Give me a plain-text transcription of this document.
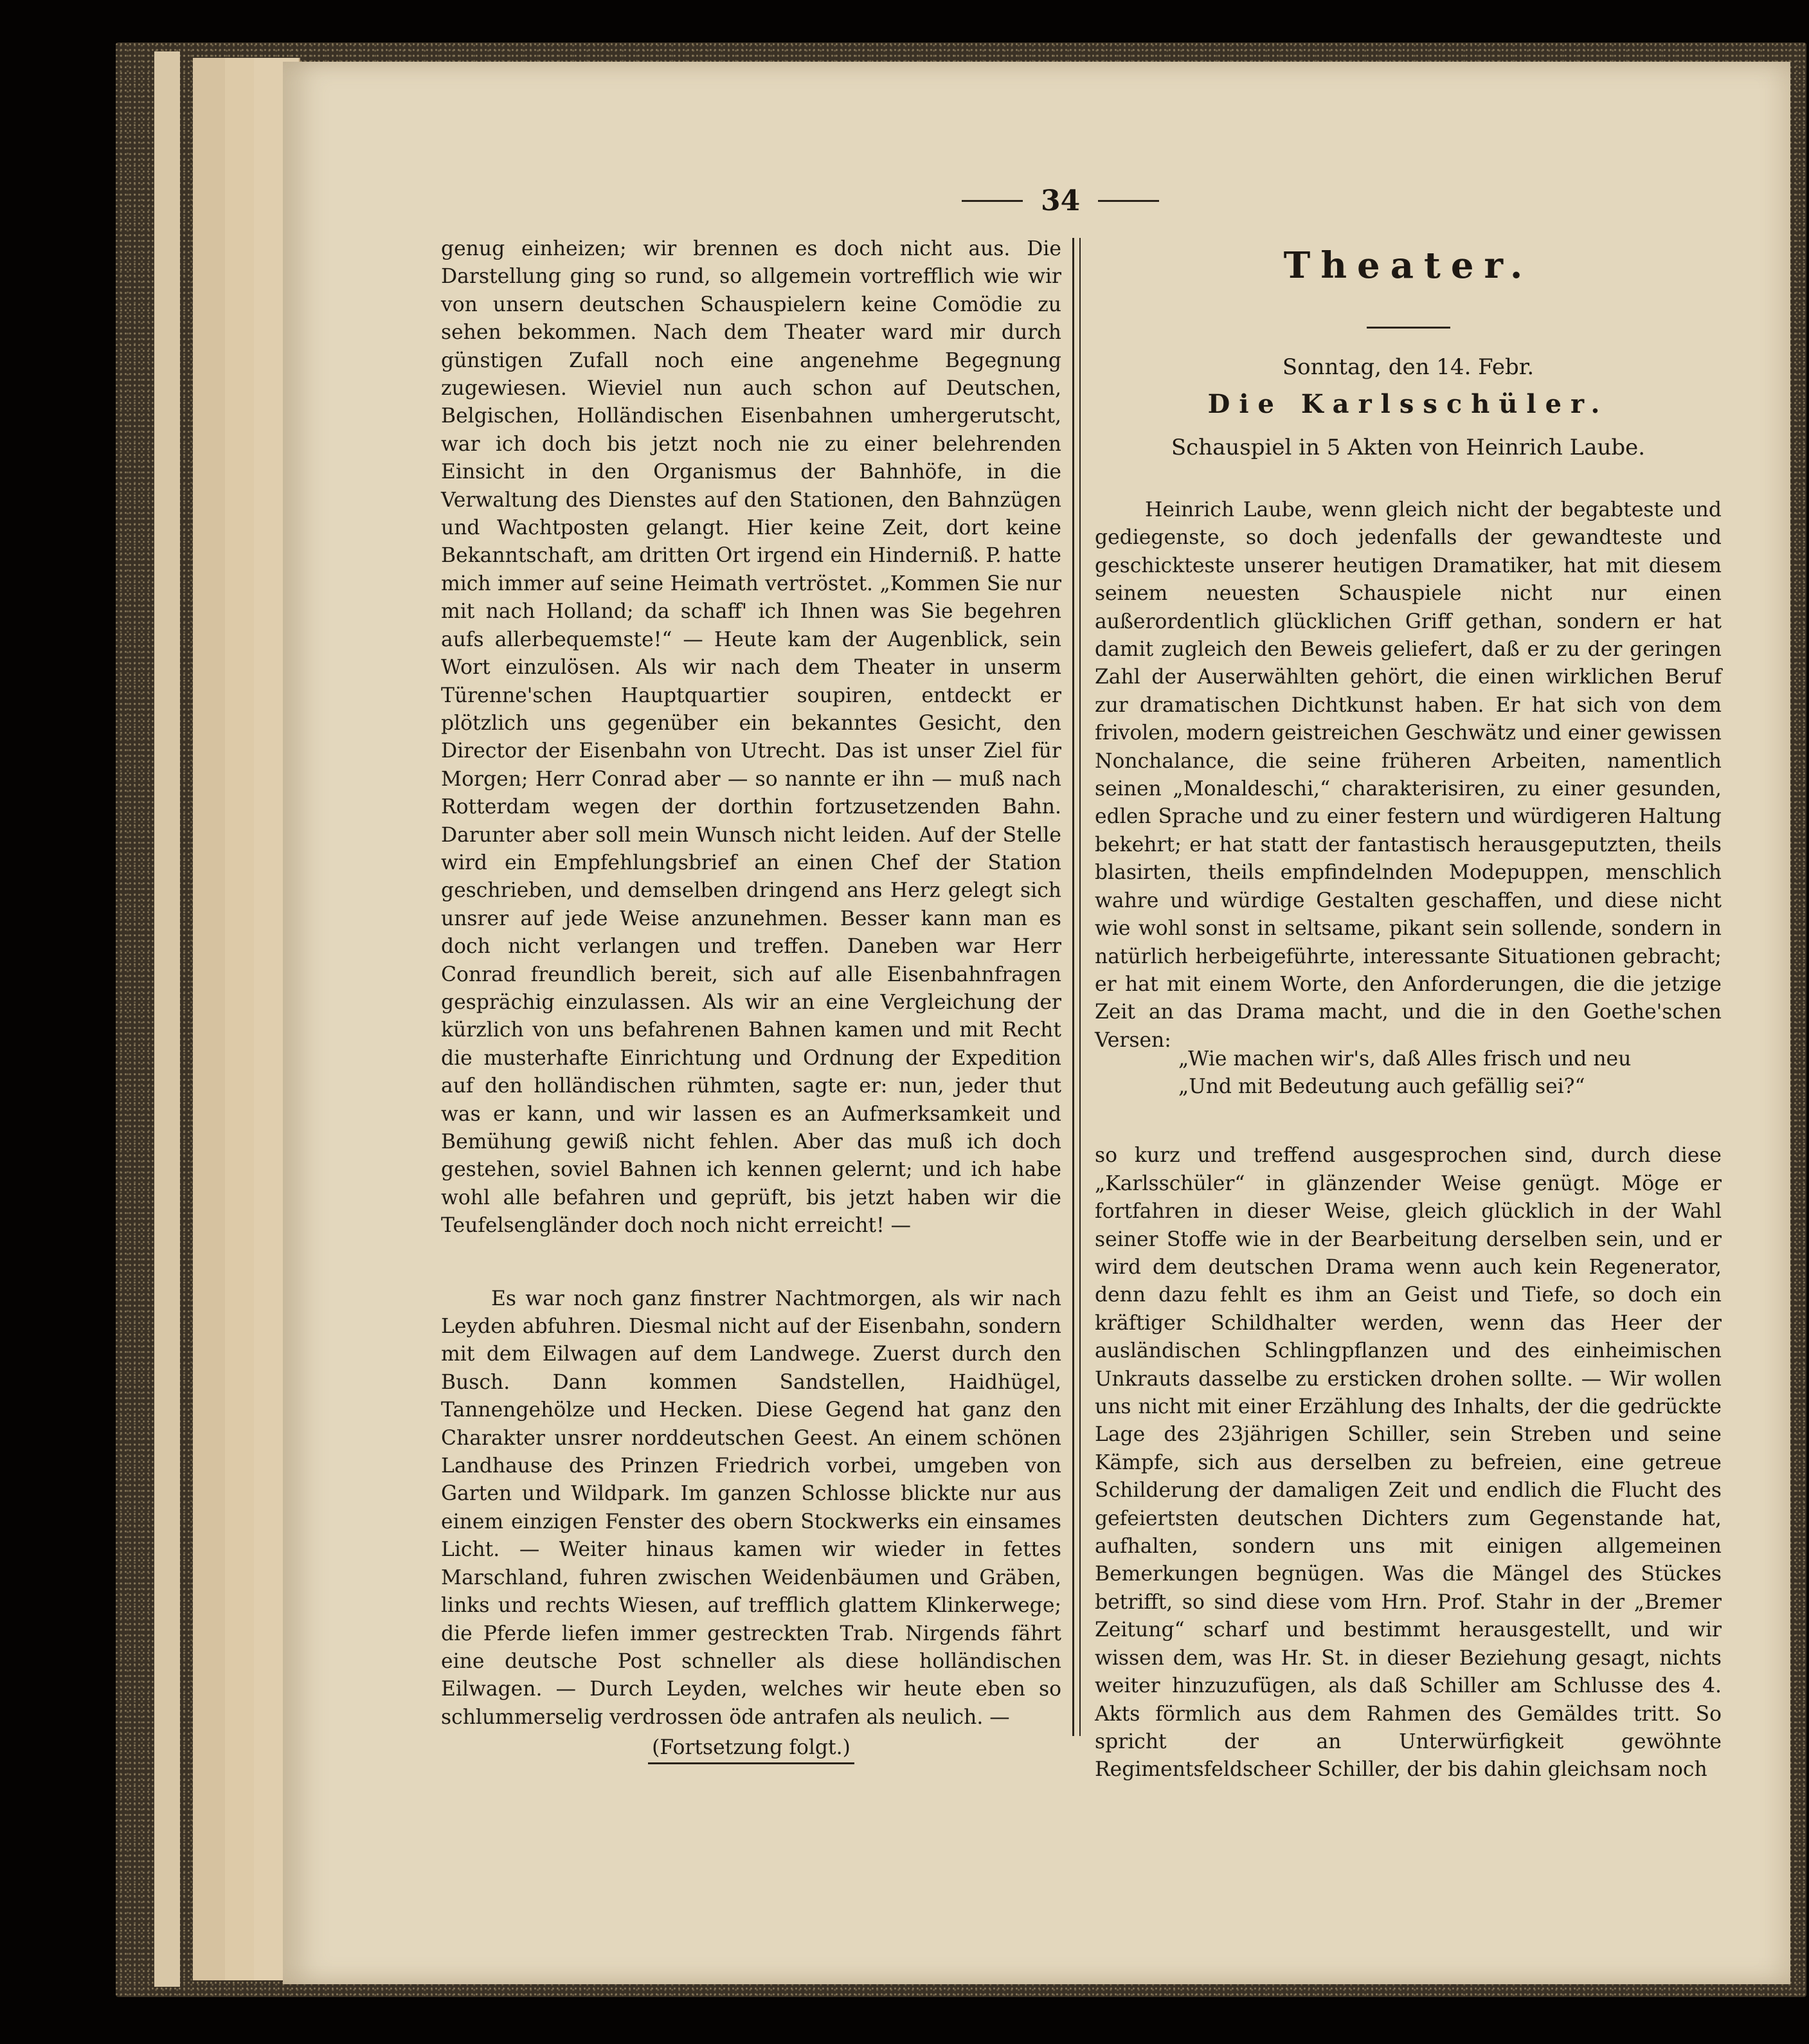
34

genug einheizen; wir brennen es doch nicht aus. Die Darstellung ging so rund, so allgemein vortrefflich wie wir von unsern deutschen Schauspielern keine Comödie zu sehen bekommen. Nach dem Theater ward mir durch günstigen Zufall noch eine angenehme Begegnung zugewiesen. Wieviel nun auch schon auf Deutschen, Belgischen, Holländischen Eisenbahnen umhergerutscht, war ich doch bis jetzt noch nie zu einer belehrenden Einsicht in den Organismus der Bahnhöfe, in die Verwaltung des Dienstes auf den Stationen, den Bahnzügen und Wachtposten gelangt. Hier keine Zeit, dort keine Bekanntschaft, am dritten Ort irgend ein Hinderniß. P. hatte mich immer auf seine Heimath vertröstet. „Kommen Sie nur mit nach Holland; da schaff' ich Ihnen was Sie begehren aufs allerbequemste!“ — Heute kam der Augenblick, sein Wort einzulösen. Als wir nach dem Theater in unserm Türenne'schen Hauptquartier soupiren, entdeckt er plötzlich uns gegenüber ein bekanntes Gesicht, den Director der Eisenbahn von Utrecht. Das ist unser Ziel für Morgen; Herr Conrad aber — so nannte er ihn — muß nach Rotterdam wegen der dorthin fortzusetzenden Bahn. Darunter aber soll mein Wunsch nicht leiden. Auf der Stelle wird ein Empfehlungsbrief an einen Chef der Station geschrieben, und demselben dringend ans Herz gelegt sich unsrer auf jede Weise anzunehmen. Besser kann man es doch nicht verlangen und treffen. Daneben war Herr Conrad freundlich bereit, sich auf alle Eisenbahnfragen gesprächig einzulassen. Als wir an eine Vergleichung der kürzlich von uns befahrenen Bahnen kamen und mit Recht die musterhafte Einrichtung und Ordnung der Expedition auf den holländischen rühmten, sagte er: nun, jeder thut was er kann, und wir lassen es an Aufmerksamkeit und Bemühung gewiß nicht fehlen. Aber das muß ich doch gestehen, soviel Bahnen ich kennen gelernt; und ich habe wohl alle befahren und geprüft, bis jetzt haben wir die Teufelsengländer doch noch nicht erreicht! —

Es war noch ganz finstrer Nachtmorgen, als wir nach Leyden abfuhren. Diesmal nicht auf der Eisenbahn, sondern mit dem Eilwagen auf dem Landwege. Zuerst durch den Busch. Dann kommen Sandstellen, Haidhügel, Tannengehölze und Hecken. Diese Gegend hat ganz den Charakter unsrer norddeutschen Geest. An einem schönen Landhause des Prinzen Friedrich vorbei, umgeben von Garten und Wildpark. Im ganzen Schlosse blickte nur aus einem einzigen Fenster des obern Stockwerks ein einsames Licht. — Weiter hinaus kamen wir wieder in fettes Marschland, fuhren zwischen Weidenbäumen und Gräben, links und rechts Wiesen, auf trefflich glattem Klinkerwege; die Pferde liefen immer gestreckten Trab. Nirgends fährt eine deutsche Post schneller als diese holländischen Eilwagen. — Durch Leyden, welches wir heute eben so schlummerselig verdrossen öde antrafen als neulich. —

(Fortsetzung folgt.)
Theater.

Sonntag, den 14. Febr.

Die Karlsschüler.

Schauspiel in 5 Akten von Heinrich Laube.

Heinrich Laube, wenn gleich nicht der begabteste und gediegenste, so doch jedenfalls der gewandteste und geschickteste unserer heutigen Dramatiker, hat mit diesem seinem neuesten Schauspiele nicht nur einen außerordentlich glücklichen Griff gethan, sondern er hat damit zugleich den Beweis geliefert, daß er zu der geringen Zahl der Auserwählten gehört, die einen wirklichen Beruf zur dramatischen Dichtkunst haben. Er hat sich von dem frivolen, modern geistreichen Geschwätz und einer gewissen Nonchalance, die seine früheren Arbeiten, namentlich seinen „Monaldeschi,“ charakterisiren, zu einer gesunden, edlen Sprache und zu einer festern und würdigeren Haltung bekehrt; er hat statt der fantastisch herausgeputzten, theils blasirten, theils empfindelnden Modepuppen, menschlich wahre und würdige Gestalten geschaffen, und diese nicht wie wohl sonst in seltsame, pikant sein sollende, sondern in natürlich herbeigeführte, interessante Situationen gebracht; er hat mit einem Worte, den Anforderungen, die die jetzige Zeit an das Drama macht, und die in den Goethe'schen Versen:

„Wie machen wir's, daß Alles frisch und neu

„Und mit Bedeutung auch gefällig sei?“

so kurz und treffend ausgesprochen sind, durch diese „Karlsschüler“ in glänzender Weise genügt. Möge er fortfahren in dieser Weise, gleich glücklich in der Wahl seiner Stoffe wie in der Bearbeitung derselben sein, und er wird dem deutschen Drama wenn auch kein Regenerator, denn dazu fehlt es ihm an Geist und Tiefe, so doch ein kräftiger Schildhalter werden, wenn das Heer der ausländischen Schlingpflanzen und des einheimischen Unkrauts dasselbe zu ersticken drohen sollte. — Wir wollen uns nicht mit einer Erzählung des Inhalts, der die gedrückte Lage des 23jährigen Schiller, sein Streben und seine Kämpfe, sich aus derselben zu befreien, eine getreue Schilderung der damaligen Zeit und endlich die Flucht des gefeiertsten deutschen Dichters zum Gegenstande hat, aufhalten, sondern uns mit einigen allgemeinen Bemerkungen begnügen. Was die Mängel des Stückes betrifft, so sind diese vom Hrn. Prof. Stahr in der „Bremer Zeitung“ scharf und bestimmt herausgestellt, und wir wissen dem, was Hr. St. in dieser Beziehung gesagt, nichts weiter hinzuzufügen, als daß Schiller am Schlusse des 4. Akts förmlich aus dem Rahmen des Gemäldes tritt. So spricht der an Unterwürfigkeit gewöhnte Regimentsfeldscheer Schiller, der bis dahin gleichsam noch
